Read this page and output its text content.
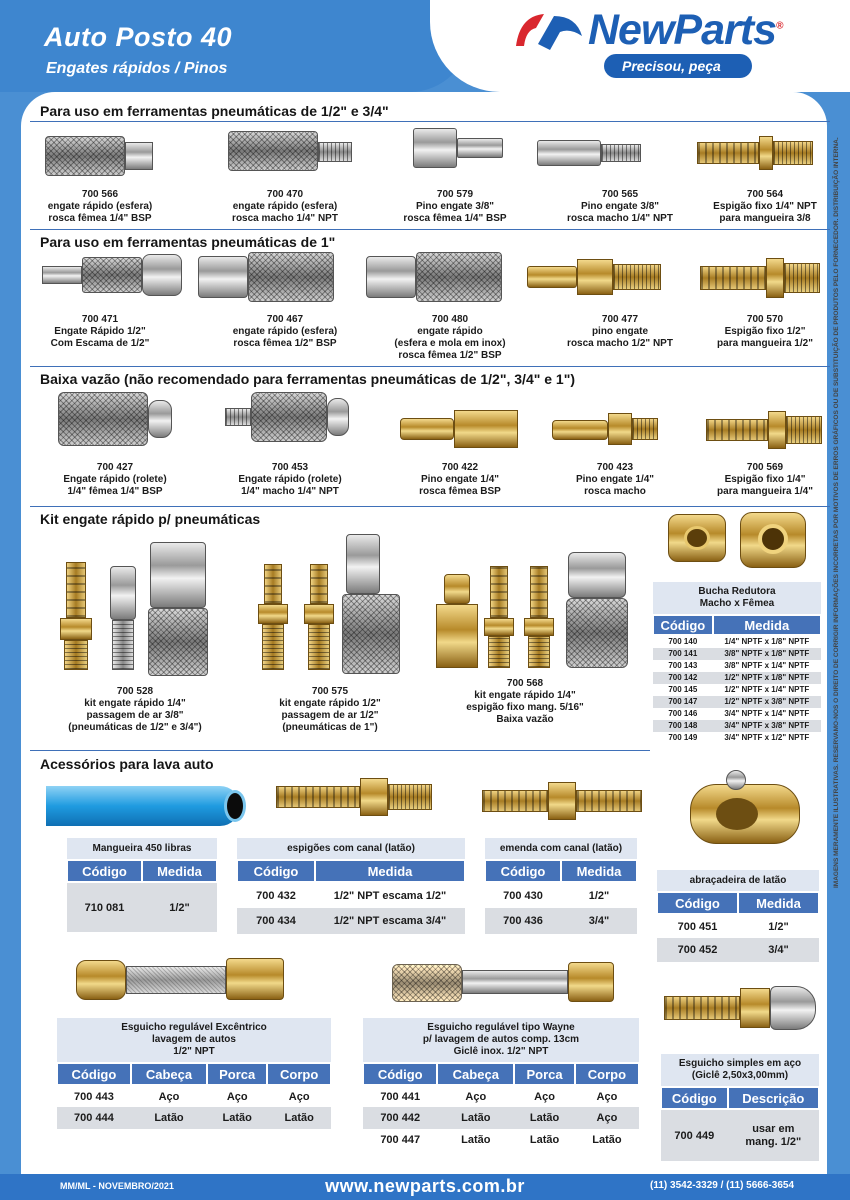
Auto Posto 40
Engates rápidos / Pinos
NewParts®
Precisou, peça
Para uso em ferramentas pneumáticas de 1/2" e 3/4"
700 566
engate rápido (esfera)
rosca fêmea 1/4" BSP
700 470
engate rápido (esfera)
rosca macho 1/4" NPT
700 579
Pino engate 3/8"
rosca fêmea 1/4" BSP
700 565
Pino engate 3/8"
rosca macho 1/4" NPT
700 564
Espigão fixo 1/4" NPT
para mangueira 3/8
Para uso em ferramentas pneumáticas de 1"
700 471
Engate Rápido 1/2"
Com Escama de 1/2"
700 467
engate rápido (esfera)
rosca fêmea 1/2" BSP
700 480
engate rápido
(esfera e mola em inox)
rosca fêmea 1/2" BSP
700 477
pino engate
rosca macho 1/2" NPT
700 570
Espigão fixo 1/2"
para mangueira 1/2"
Baixa vazão (não recomendado para ferramentas pneumáticas de 1/2", 3/4" e 1")
700 427
Engate rápido (rolete)
1/4" fêmea 1/4" BSP
700 453
Engate rápido (rolete)
1/4" macho 1/4" NPT
700 422
Pino engate 1/4"
rosca fêmea BSP
700 423
Pino engate 1/4"
rosca macho
700 569
Espigão fixo 1/4"
para mangueira 1/4"
Kit engate rápido p/ pneumáticas
700 528
kit engate rápido 1/4"
passagem de ar 3/8"
(pneumáticas de 1/2" e 3/4")
700 575
kit engate rápido 1/2"
passagem de ar 1/2"
(pneumáticas de 1")
700 568
kit engate rápido 1/4"
espigão fixo mang. 5/16"
Baixa vazão
Bucha Redutora
Macho x Fêmea	

Código	Medida
700 140	1/4" NPTF x 1/8" NPTF
700 141	3/8" NPTF x 1/8" NPTF
700 143	3/8" NPTF x 1/4" NPTF
700 142	1/2" NPTF x 1/8" NPTF
700 145	1/2" NPTF x 1/4" NPTF
700 147	1/2" NPTF x 3/8" NPTF
700 146	3/4" NPTF x 1/4" NPTF
700 148	3/4" NPTF x 3/8" NPTF
700 149	3/4" NPTF x 1/2" NPTF
Acessórios para lava auto
Mangueira 450 libras	
Código	Medida
710 081	1/2"
espigões com canal (latão)	
Código	Medida
700 432	1/2" NPT escama 1/2"
700 434	1/2" NPT escama 3/4"
emenda com canal (latão)	
Código	Medida
700 430	1/2"
700 436	3/4"
abraçadeira de latão	
Código	Medida
700 451	1/2"
700 452	3/4"
Esguicho regulável Excêntrico
lavagem de autos
1/2" NPT			

Código	Cabeça	Porca	Corpo
700 443	Aço	Aço	Aço
700 444	Latão	Latão	Latão
Esguicho regulável tipo Wayne
p/ lavagem de autos comp. 13cm
Giclê inox. 1/2" NPT			

Código	Cabeça	Porca	Corpo
700 441	Aço	Aço	Aço
700 442	Latão	Latão	Aço
700 447	Latão	Latão	Latão
Esguicho simples em aço
(Giclê 2,50x3,00mm)	

Código	Descrição
700 449	usar em
mang. 1/2"
IMAGENS MERAMENTE ILUSTRATIVAS. RESERVAMO-NOS O DIREITO DE CORRIGIR INFORMAÇÕES INCORRETAS POR MOTIVOS DE ERROS GRÁFICOS OU DE SUBSTITUIÇÃO DE PRODUTOS PELO FORNECEDOR. DISTRIBUIÇÃO INTERNA.
MM/ML - NOVEMBRO/2021	www.newparts.com.br	(11) 3542-3329 / (11) 5666-3654
